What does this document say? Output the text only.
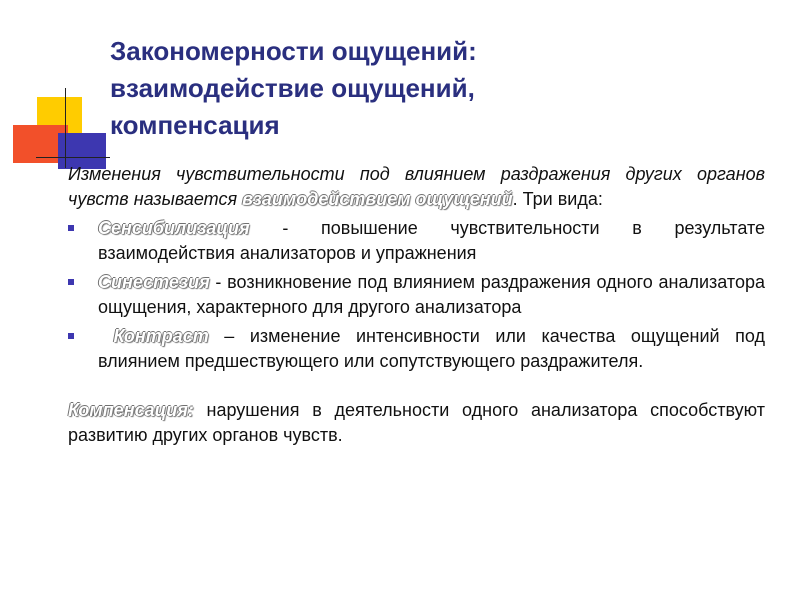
Закономерности ощущений:
взаимодействие ощущений,
компенсация

Изменения чувствительности под влиянием раздражения других органов чувств называется взаимодействием ощущений. Три вида:

Сенсибилизация - повышение чувствительности в результате взаимодействия анализаторов и упражнения
Синестезия - возникновение под влиянием раздражения одного анализатора ощущения, характерного для другого анализатора
Контраст – изменение интенсивности или качества ощущений под влиянием предшествующего или сопутствующего раздражителя.

Компенсация: нарушения в деятельности одного анализатора способствуют развитию других органов чувств.
